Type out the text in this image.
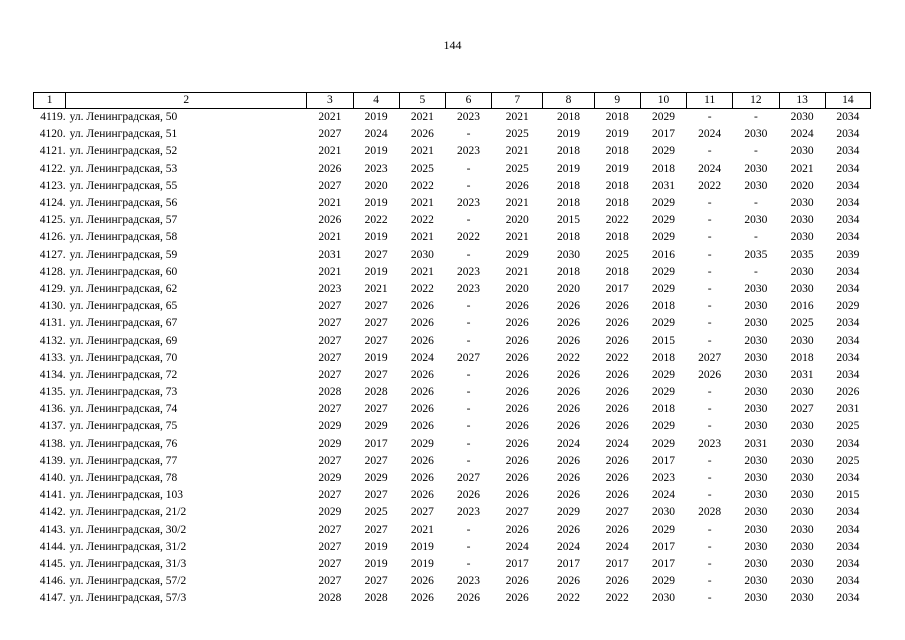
144
1	2	3	4	5	6	7	8	9	10	11	12	13	14
4119.	ул. Ленинградская, 50	2021	2019	2021	2023	2021	2018	2018	2029	-	-	2030	2034
4120.	ул. Ленинградская, 51	2027	2024	2026	-	2025	2019	2019	2017	2024	2030	2024	2034
4121.	ул. Ленинградская, 52	2021	2019	2021	2023	2021	2018	2018	2029	-	-	2030	2034
4122.	ул. Ленинградская, 53	2026	2023	2025	-	2025	2019	2019	2018	2024	2030	2021	2034
4123.	ул. Ленинградская, 55	2027	2020	2022	-	2026	2018	2018	2031	2022	2030	2020	2034
4124.	ул. Ленинградская, 56	2021	2019	2021	2023	2021	2018	2018	2029	-	-	2030	2034
4125.	ул. Ленинградская, 57	2026	2022	2022	-	2020	2015	2022	2029	-	2030	2030	2034
4126.	ул. Ленинградская, 58	2021	2019	2021	2022	2021	2018	2018	2029	-	-	2030	2034
4127.	ул. Ленинградская, 59	2031	2027	2030	-	2029	2030	2025	2016	-	2035	2035	2039
4128.	ул. Ленинградская, 60	2021	2019	2021	2023	2021	2018	2018	2029	-	-	2030	2034
4129.	ул. Ленинградская, 62	2023	2021	2022	2023	2020	2020	2017	2029	-	2030	2030	2034
4130.	ул. Ленинградская, 65	2027	2027	2026	-	2026	2026	2026	2018	-	2030	2016	2029
4131.	ул. Ленинградская, 67	2027	2027	2026	-	2026	2026	2026	2029	-	2030	2025	2034
4132.	ул. Ленинградская, 69	2027	2027	2026	-	2026	2026	2026	2015	-	2030	2030	2034
4133.	ул. Ленинградская, 70	2027	2019	2024	2027	2026	2022	2022	2018	2027	2030	2018	2034
4134.	ул. Ленинградская, 72	2027	2027	2026	-	2026	2026	2026	2029	2026	2030	2031	2034
4135.	ул. Ленинградская, 73	2028	2028	2026	-	2026	2026	2026	2029	-	2030	2030	2026
4136.	ул. Ленинградская, 74	2027	2027	2026	-	2026	2026	2026	2018	-	2030	2027	2031
4137.	ул. Ленинградская, 75	2029	2029	2026	-	2026	2026	2026	2029	-	2030	2030	2025
4138.	ул. Ленинградская, 76	2029	2017	2029	-	2026	2024	2024	2029	2023	2031	2030	2034
4139.	ул. Ленинградская, 77	2027	2027	2026	-	2026	2026	2026	2017	-	2030	2030	2025
4140.	ул. Ленинградская, 78	2029	2029	2026	2027	2026	2026	2026	2023	-	2030	2030	2034
4141.	ул. Ленинградская, 103	2027	2027	2026	2026	2026	2026	2026	2024	-	2030	2030	2015
4142.	ул. Ленинградская, 21/2	2029	2025	2027	2023	2027	2029	2027	2030	2028	2030	2030	2034
4143.	ул. Ленинградская, 30/2	2027	2027	2021	-	2026	2026	2026	2029	-	2030	2030	2034
4144.	ул. Ленинградская, 31/2	2027	2019	2019	-	2024	2024	2024	2017	-	2030	2030	2034
4145.	ул. Ленинградская, 31/3	2027	2019	2019	-	2017	2017	2017	2017	-	2030	2030	2034
4146.	ул. Ленинградская, 57/2	2027	2027	2026	2023	2026	2026	2026	2029	-	2030	2030	2034
4147.	ул. Ленинградская, 57/3	2028	2028	2026	2026	2026	2022	2022	2030	-	2030	2030	2034
